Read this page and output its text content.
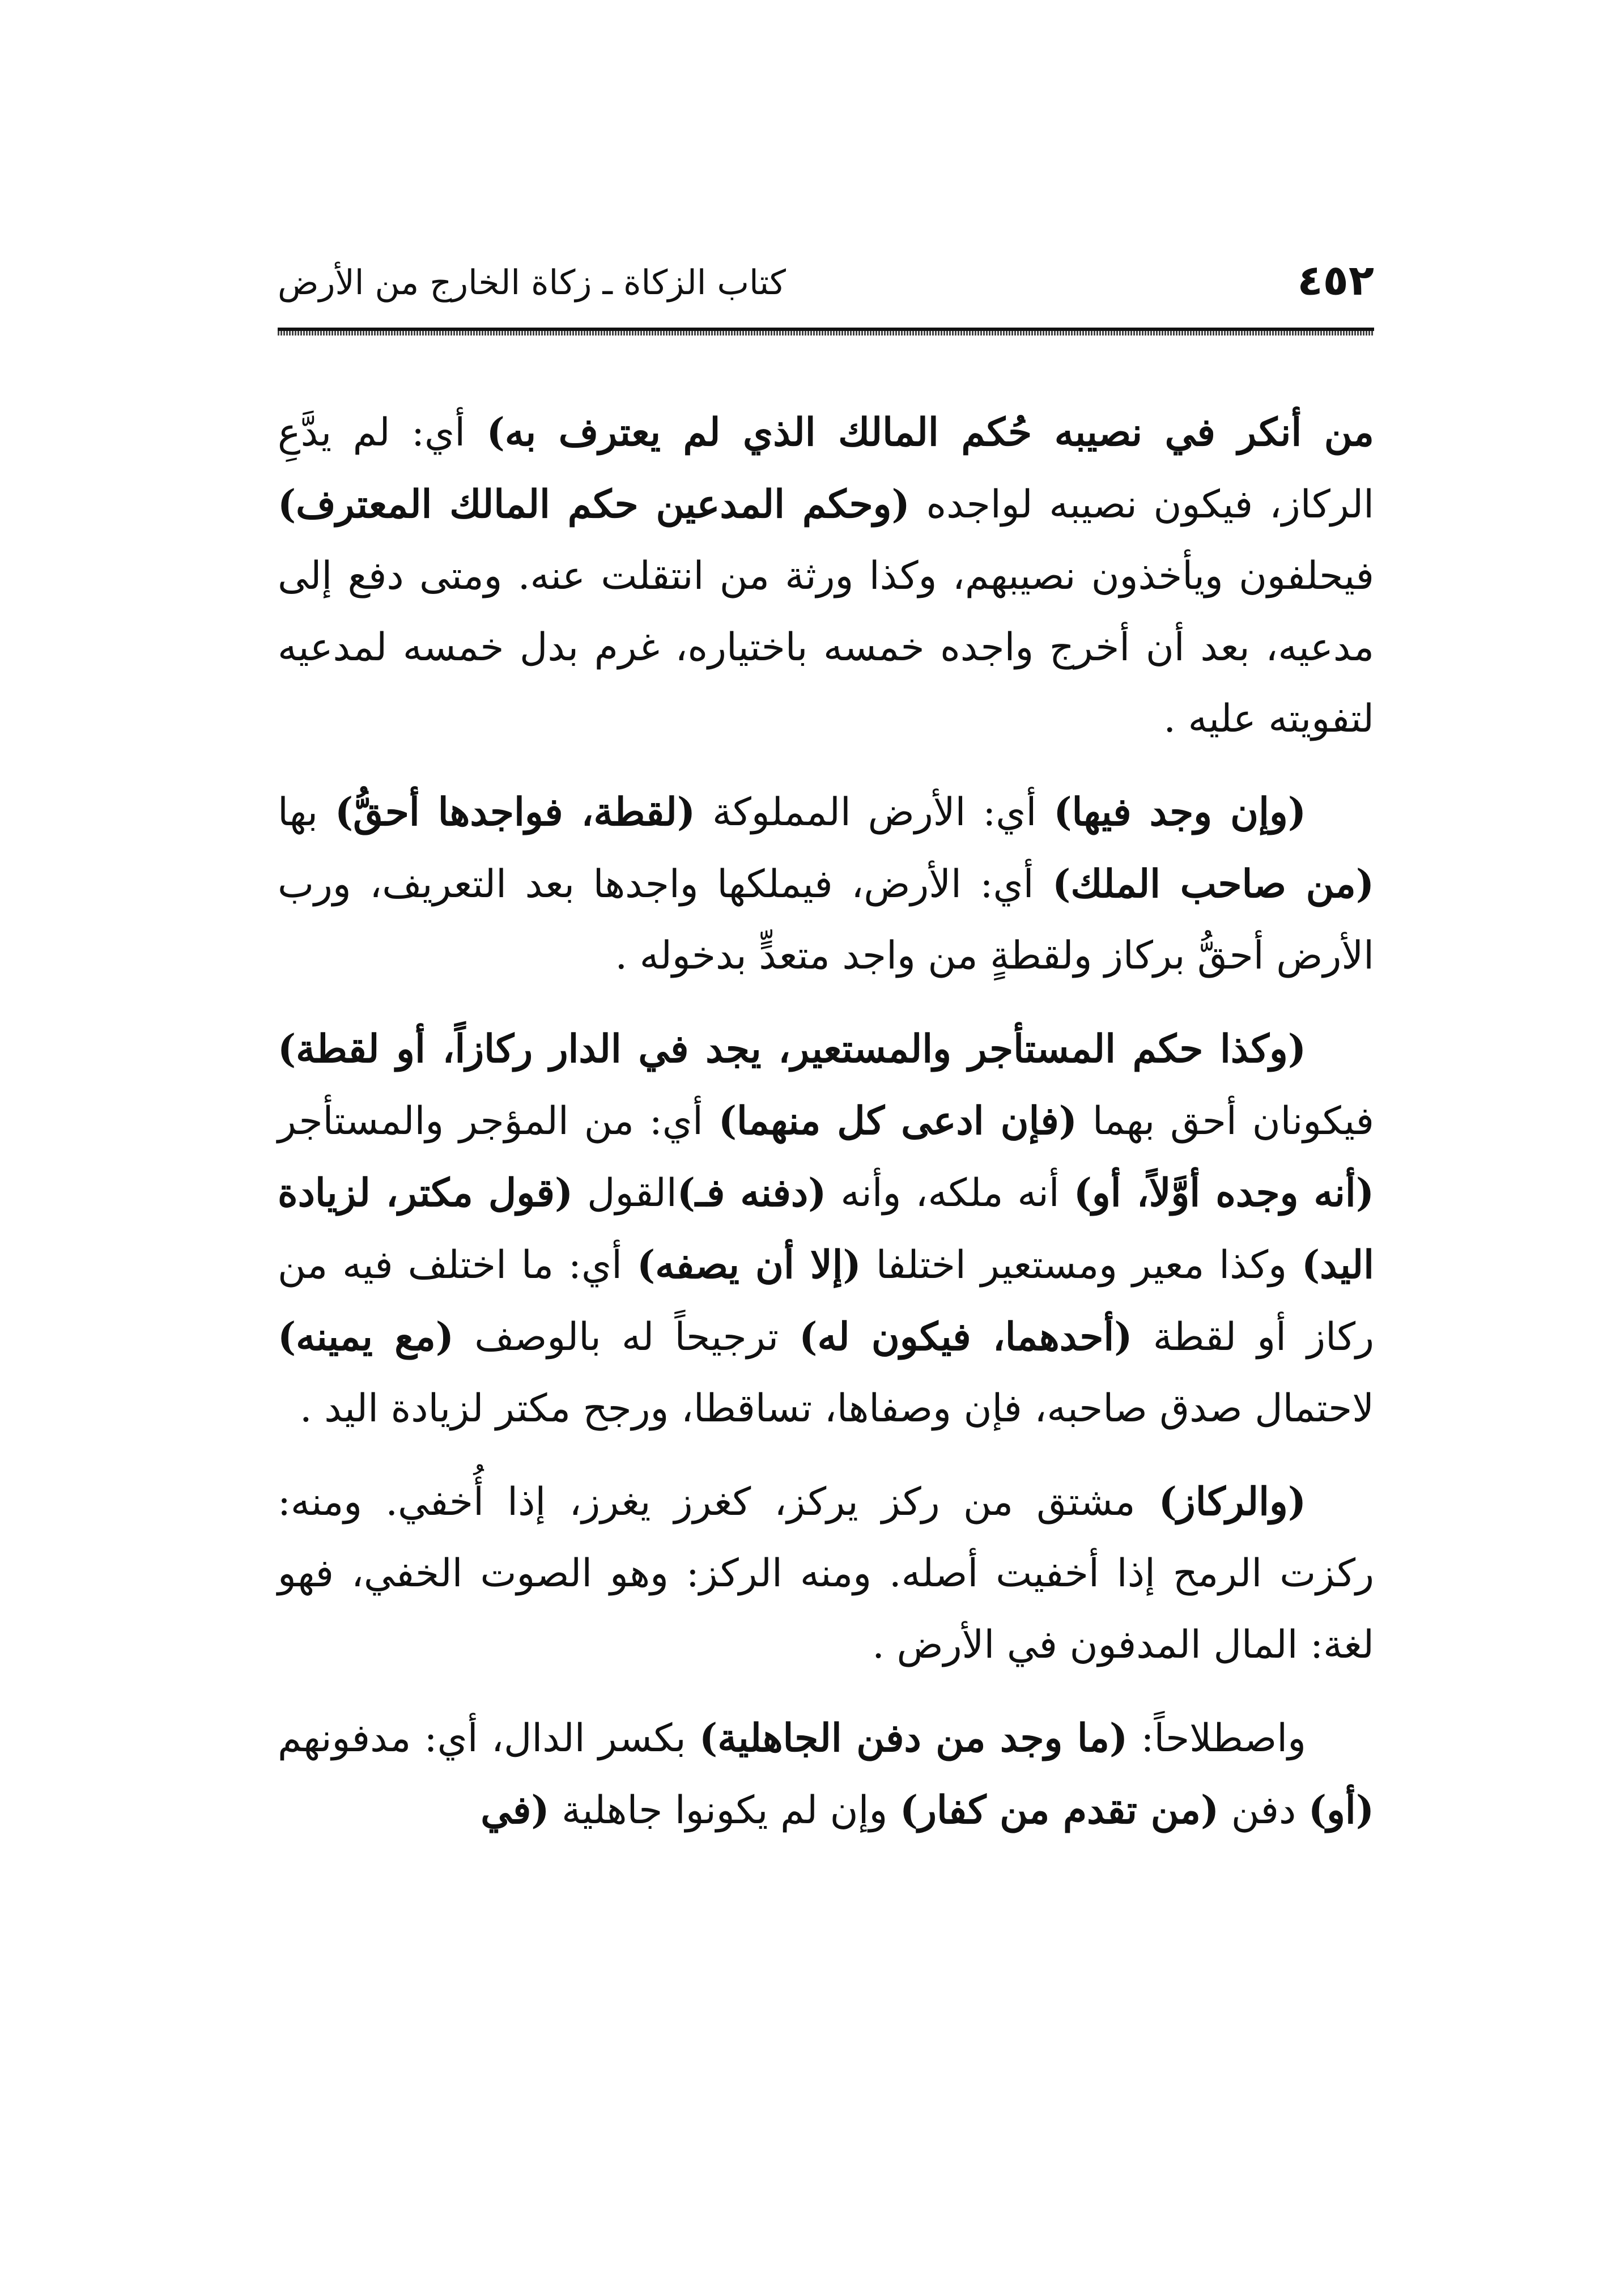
٤٥٢
كتاب الزكاة ـ زكاة الخارج من الأرض

من أنكر في نصيبه حُكم المالك الذي لم يعترف به) أي: لم يدَّعِ الركاز، فيكون نصيبه لواجده (وحكم المدعين حكم المالك المعترف) فيحلفون ويأخذون نصيبهم، وكذا ورثة من انتقلت عنه. ومتى دفع إلى مدعيه، بعد أن أخرج واجده خمسه باختياره، غرم بدل خمسه لمدعيه لتفويته عليه .

(وإن وجد فيها) أي: الأرض المملوكة (لقطة، فواجدها أحقُّ) بها (من صاحب الملك) أي: الأرض، فيملكها واجدها بعد التعريف، ورب الأرض أحقُّ بركاز ولقطةٍ من واجد متعدٍّ بدخوله .

(وكذا حكم المستأجر والمستعير، يجد في الدار ركازاً، أو لقطة) فيكونان أحق بهما (فإن ادعى كل منهما) أي: من المؤجر والمستأجر (أنه وجده أوَّلاً، أو) أنه ملكه، وأنه (دفنه فـ)القول (قول مكتر، لزيادة اليد) وكذا معير ومستعير اختلفا (إلا أن يصفه) أي: ما اختلف فيه من ركاز أو لقطة (أحدهما، فيكون له) ترجيحاً له بالوصف (مع يمينه) لاحتمال صدق صاحبه، فإن وصفاها، تساقطا، ورجح مكتر لزيادة اليد .

(والركاز) مشتق من ركز يركز، كغرز يغرز، إذا أُخفي. ومنه: ركزت الرمح إذا أخفيت أصله. ومنه الركز: وهو الصوت الخفي، فهو لغة: المال المدفون في الأرض .

واصطلاحاً: (ما وجد من دفن الجاهلية) بكسر الدال، أي: مدفونهم (أو) دفن (من تقدم من كفار) وإن لم يكونوا جاهلية (في
